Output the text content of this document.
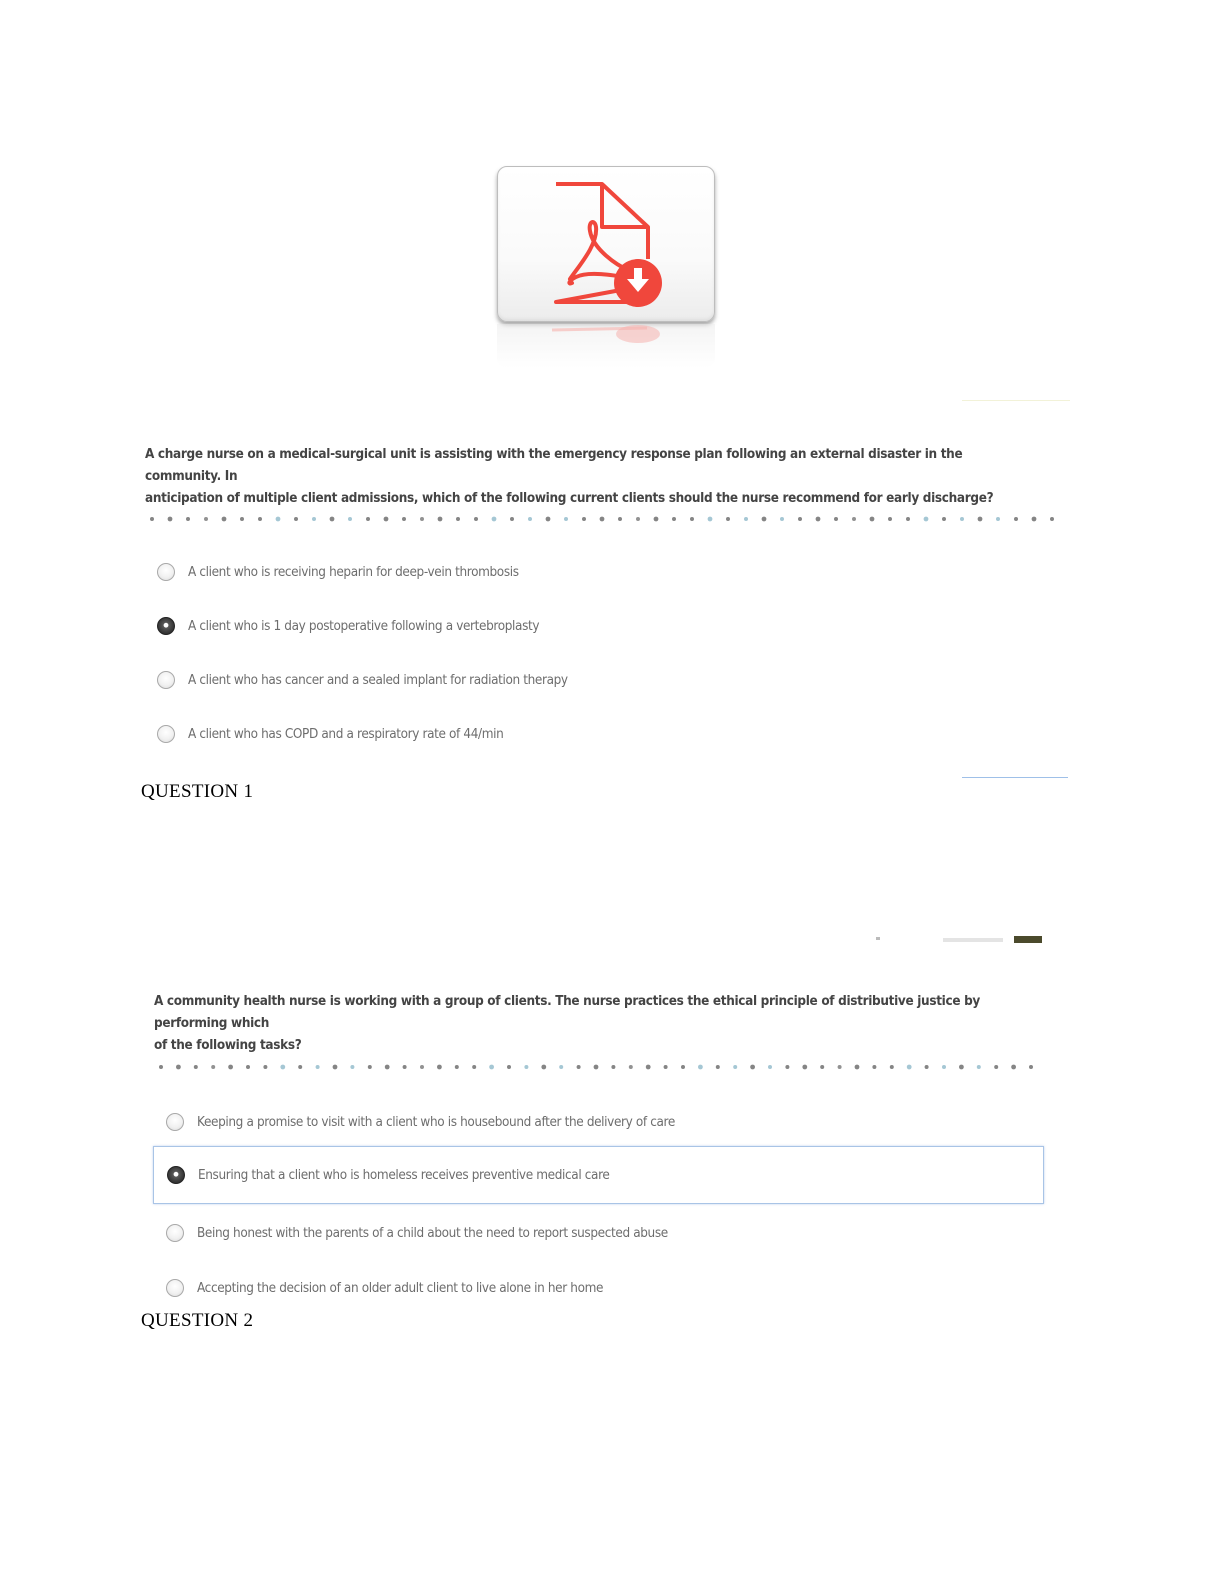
A charge nurse on a medical-surgical unit is assisting with the emergency response plan following an external disaster in the community. In
anticipation of multiple client admissions, which of the following current clients should the nurse recommend for early discharge?
A client who is receiving heparin for deep-vein thrombosis
A client who is 1 day postoperative following a vertebroplasty
A client who has cancer and a sealed implant for radiation therapy
A client who has COPD and a respiratory rate of 44/min
QUESTION 1
A community health nurse is working with a group of clients. The nurse practices the ethical principle of distributive justice by performing which
of the following tasks?
Keeping a promise to visit with a client who is housebound after the delivery of care
Ensuring that a client who is homeless receives preventive medical care
Being honest with the parents of a child about the need to report suspected abuse
Accepting the decision of an older adult client to live alone in her home
QUESTION 2
